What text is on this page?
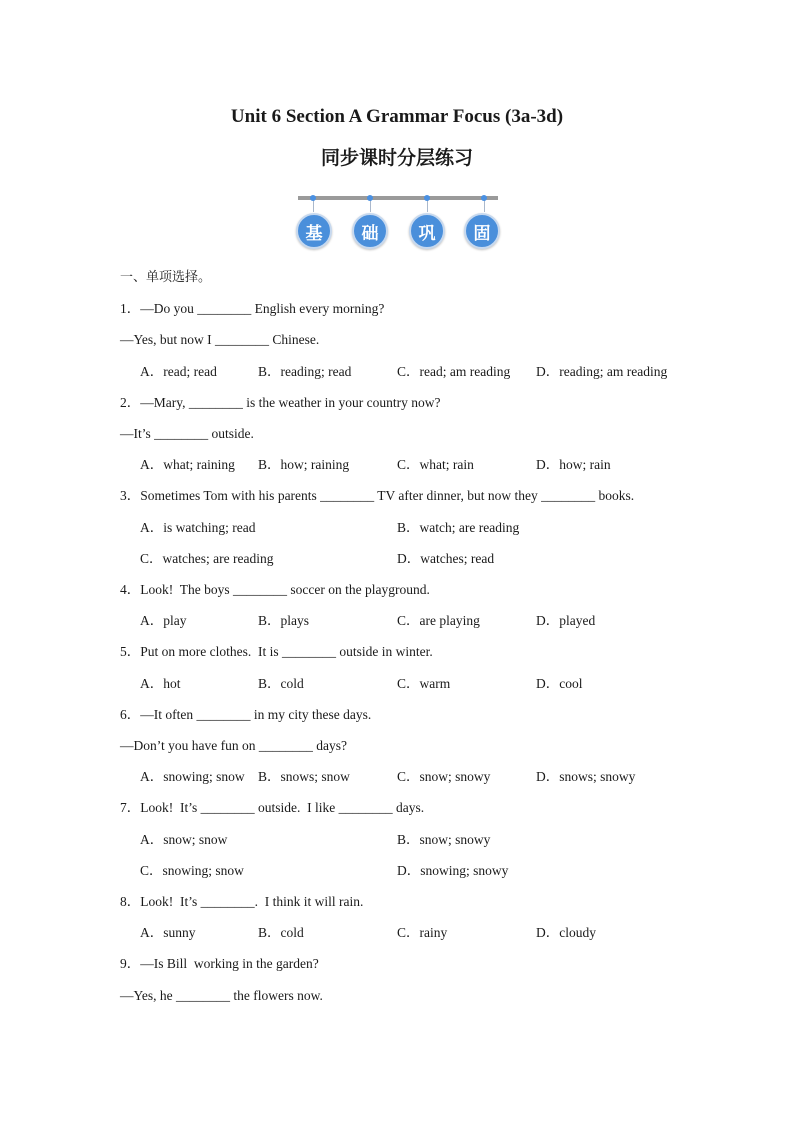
Unit 6 Section A Grammar Focus (3a-3d)
同步课时分层练习
基	础	巩	固
一、单项选择。
1．—Do you ________ English every morning?
—Yes, but now I ________ Chinese.
A．read; read	B．reading; read	C．read; am reading D．reading; am reading
2．—Mary, ________ is the weather in your country now?
—It’s ________ outside.
A．what; raining B．how; raining	C．what; rain	D．how; rain
3．Sometimes Tom with his parents ________ TV after dinner, but now they ________ books.
A．is watching; read	B．watch; are reading
C．watches; are reading	D．watches; read
4．Look!  The boys ________ soccer on the playground.
A．play	B．plays	C．are playing	D．played
5．Put on more clothes.  It is ________ outside in winter.
A．hot	B．cold	C．warm	D．cool
6．—It often ________ in my city these days.
—Don’t you have fun on ________ days?
A．snowing; snow B．snows; snow	C．snow; snowy	D．snows; snowy
7．Look!  It’s ________ outside.  I like ________ days.
A．snow; snow	B．snow; snowy
C．snowing; snow	D．snowing; snowy
8．Look!  It’s ________.  I think it will rain.
A．sunny	B．cold	C．rainy	D．cloudy
9．—Is Bill  working in the garden?
—Yes, he ________ the flowers now.
